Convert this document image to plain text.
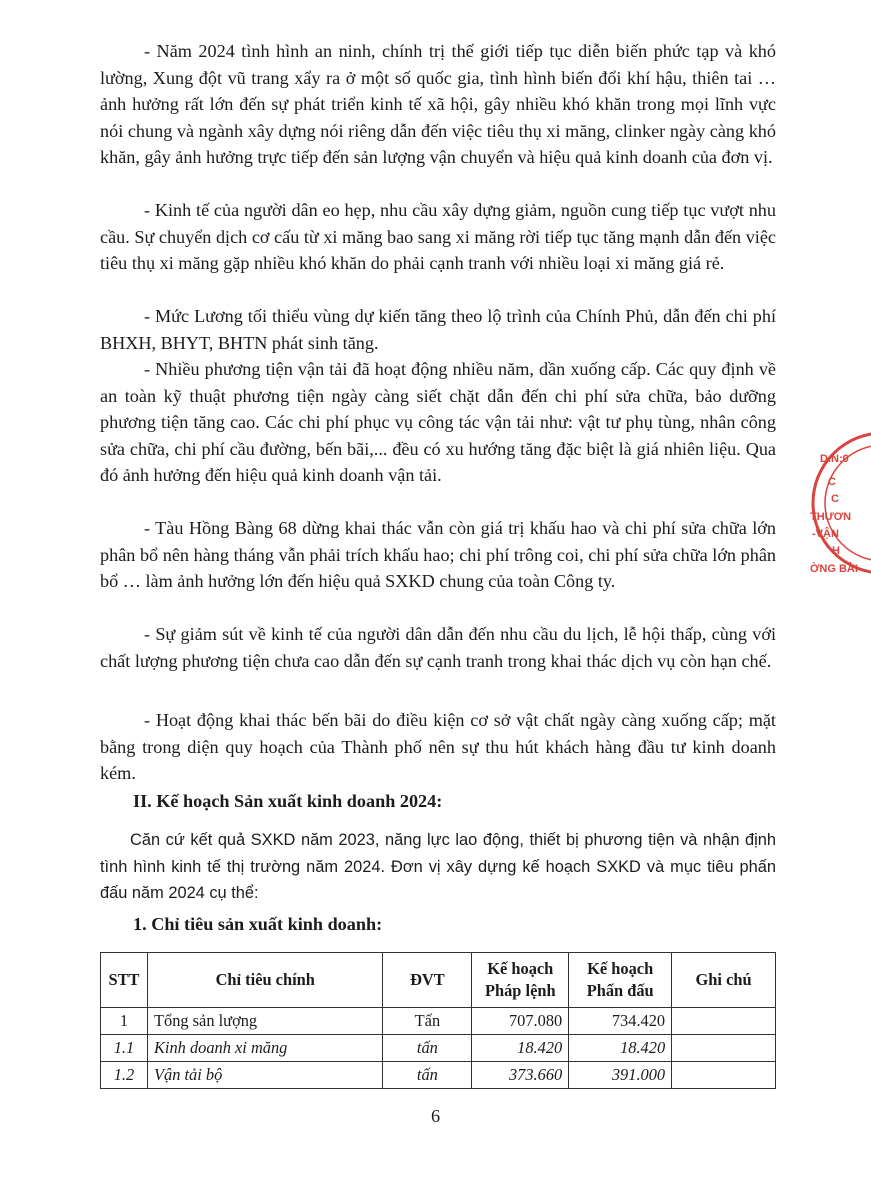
- Năm 2024 tình hình an ninh, chính trị thế giới tiếp tục diễn biến phức tạp và khó lường, Xung đột vũ trang xẩy ra ở một số quốc gia, tình hình biến đổi khí hậu, thiên tai … ảnh hưởng rất lớn đến sự phát triển kinh tế xã hội, gây nhiều khó khăn trong mọi lĩnh vực nói chung và ngành xây dựng nói riêng dẫn đến việc tiêu thụ xi măng, clinker ngày càng khó khăn, gây ảnh hưởng trực tiếp đến sản lượng vận chuyển và hiệu quả kinh doanh của đơn vị.

- Kinh tế của người dân eo hẹp, nhu cầu xây dựng giảm, nguồn cung tiếp tục vượt nhu cầu. Sự chuyển dịch cơ cấu từ xi măng bao sang xi măng rời tiếp tục tăng mạnh dẫn đến việc tiêu thụ xi măng gặp nhiều khó khăn do phải cạnh tranh với nhiều loại xi măng giá rẻ.

- Mức Lương tối thiểu vùng dự kiến tăng theo lộ trình của Chính Phủ, dẫn đến chi phí BHXH, BHYT, BHTN phát sinh tăng.

- Nhiều phương tiện vận tải đã hoạt động nhiều năm, dần xuống cấp. Các quy định về an toàn kỹ thuật phương tiện ngày càng siết chặt dẫn đến chi phí sửa chữa, bảo dưỡng phương tiện tăng cao. Các chi phí phục vụ công tác vận tải như: vật tư phụ tùng, nhân công sửa chữa, chi phí cầu đường, bến bãi,... đều có xu hướng tăng đặc biệt là giá nhiên liệu. Qua đó ảnh hưởng đến hiệu quả kinh doanh vận tải.

- Tàu Hồng Bàng 68 dừng khai thác vẫn còn giá trị khấu hao và chi phí sửa chữa lớn phân bổ nên hàng tháng vẫn phải trích khấu hao; chi phí trông coi, chi phí sửa chữa lớn phân bổ … làm ảnh hưởng lớn đến hiệu quả SXKD chung của toàn Công ty.

- Sự giảm sút về kinh tế của người dân dẫn đến nhu cầu du lịch, lễ hội thấp, cùng với chất lượng phương tiện chưa cao dẫn đến sự cạnh tranh trong khai thác dịch vụ còn hạn chế.

- Hoạt động khai thác bến bãi do điều kiện cơ sở vật chất ngày càng xuống cấp; mặt bằng trong diện quy hoạch của Thành phố nên sự thu hút khách hàng đầu tư kinh doanh kém.

II. Kế hoạch Sản xuất kinh doanh 2024:

Căn cứ kết quả SXKD năm 2023, năng lực lao động, thiết bị phương tiện và nhận định tình hình kinh tế thị trường năm 2024. Đơn vị xây dựng kế hoạch SXKD và mục tiêu phấn đấu năm 2024 cụ thể:

1. Chỉ tiêu sản xuất kinh doanh:

STT	Chỉ tiêu chính	ĐVT	Kế hoạch Pháp lệnh	Kế hoạch Phấn đấu	Ghi chú
1	Tổng sản lượng	Tấn	707.080	734.420	
1.1	Kinh doanh xi măng	tấn	18.420	18.420	
1.2	Vận tải bộ	tấn	373.660	391.000	
6
D.N:0
C
C
THƯƠN
-VẬN
H
ỜNG BÀI
